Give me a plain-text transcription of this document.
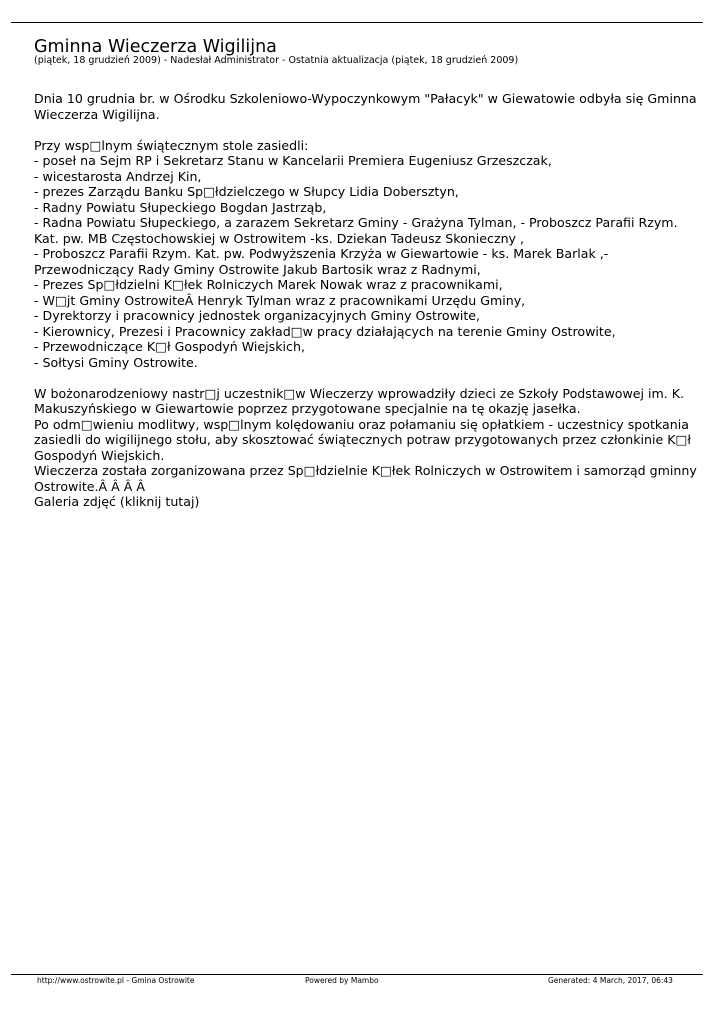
Gminna Wieczerza Wigilijna
(piątek, 18 grudzień 2009) - Nadesłał Administrator - Ostatnia aktualizacja (piątek, 18 grudzień 2009)

Dnia 10 grudnia br. w Ośrodku Szkoleniowo-Wypoczynkowym "Pałacyk" w Giewatowie odbyła się Gminna Wieczerza Wigilijna.

Przy wsp□lnym świątecznym stole zasiedli:

- poseł na Sejm RP i Sekretarz Stanu w Kancelarii Premiera Eugeniusz Grzeszczak,

- wicestarosta Andrzej Kin,

- prezes Zarządu Banku Sp□łdzielczego w Słupcy Lidia Dobersztyn,

- Radny Powiatu Słupeckiego Bogdan Jastrząb,

- Radna Powiatu Słupeckiego, a zarazem Sekretarz Gminy - Grażyna Tylman, - Proboszcz Parafii Rzym. Kat. pw. MB Częstochowskiej w Ostrowitem -ks. Dziekan Tadeusz Skonieczny ,

- Proboszcz Parafii Rzym. Kat. pw. Podwyższenia Krzyża w Giewartowie - ks. Marek Barlak ,- Przewodniczący Rady Gminy Ostrowite Jakub Bartosik wraz z Radnymi,

- Prezes Sp□łdzielni K□łek Rolniczych Marek Nowak wraz z pracownikami,

- W□jt Gminy OstrowiteÂ Henryk Tylman wraz z pracownikami Urzędu Gminy,

- Dyrektorzy i pracownicy jednostek organizacyjnych Gminy Ostrowite,

- Kierownicy, Prezesi i Pracownicy zakład□w pracy działających na terenie Gminy Ostrowite,

- Przewodniczące K□ł Gospodyń Wiejskich,

- Sołtysi Gminy Ostrowite.

W bożonarodzeniowy nastr□j uczestnik□w Wieczerzy wprowadziły dzieci ze Szkoły Podstawowej im. K. Makuszyńskiego w Giewartowie poprzez przygotowane specjalnie na tę okazję jasełka.

Po odm□wieniu modlitwy, wsp□lnym kolędowaniu oraz połamaniu się opłatkiem - uczestnicy spotkania zasiedli do wigilijnego stołu, aby skosztować świątecznych potraw przygotowanych przez członkinie K□ł Gospodyń Wiejskich.

Wieczerza została zorganizowana przez Sp□łdzielnie K□łek Rolniczych w Ostrowitem i samorząd gminny Ostrowite.Â Â Â Â

Galeria zdjęć (kliknij tutaj)

http://www.ostrowite.pl - Gmina Ostrowite	Powered by Mambo	Generated: 4 March, 2017, 06:43
